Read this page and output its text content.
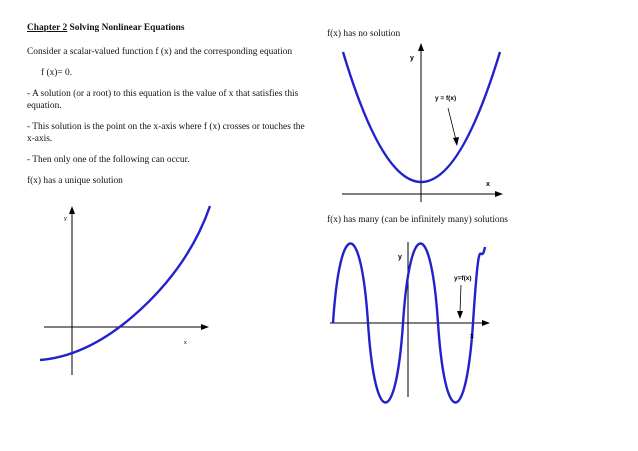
Chapter 2 Solving Nonlinear Equations

Consider a scalar-valued function f (x) and the corresponding equation

f (x)= 0.

- A solution (or a root) to this equation is the value of x that satisfies this equation.

- This solution is the point on the x-axis where f (x) crosses or touches the x-axis.

- Then only one of the following can occur.

f(x) has a unique solution

y
x
f(x) has no solution
y
x
y = f(x)
f(x) has many (can be infinitely many) solutions
y
x
y=f(x)
